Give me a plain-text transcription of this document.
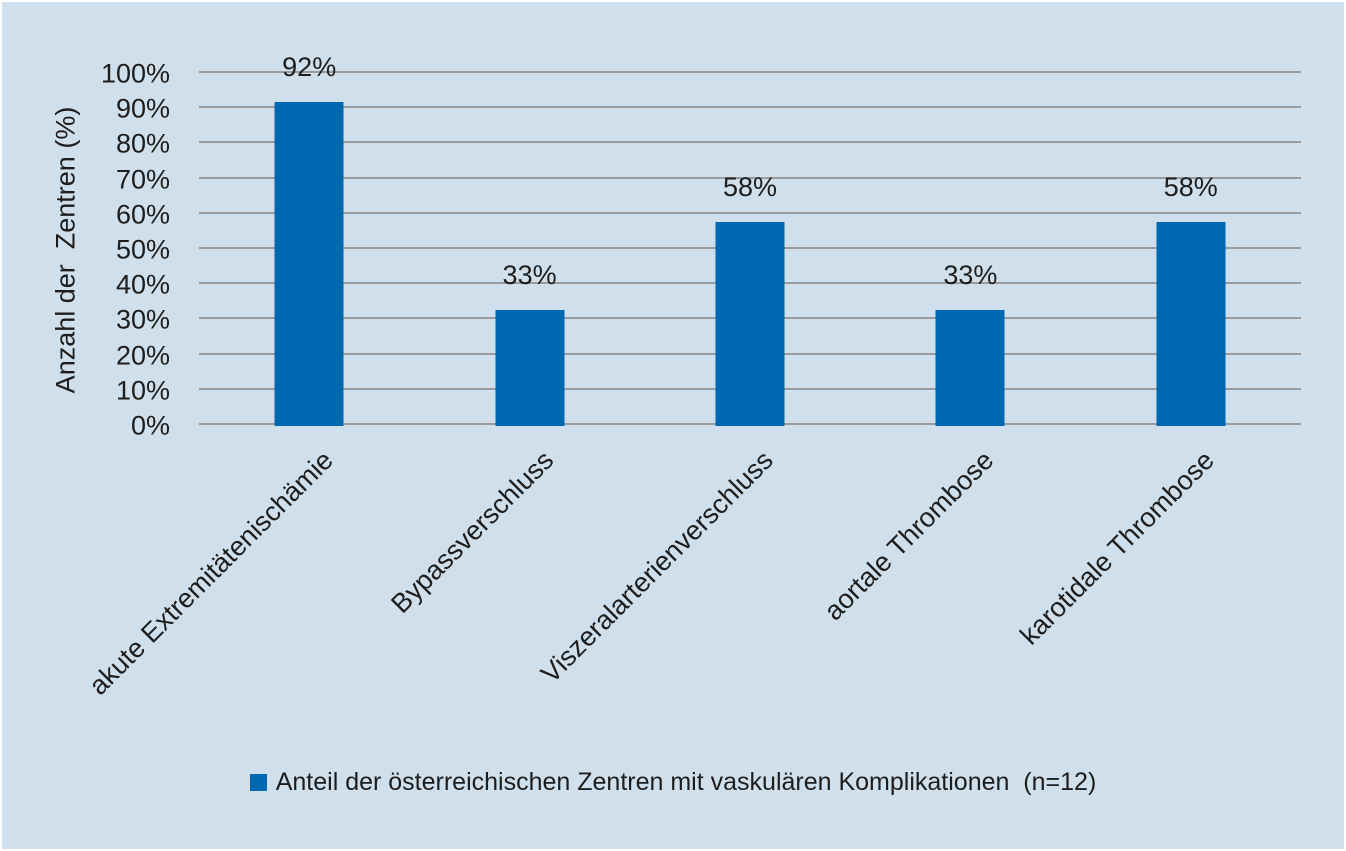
Anzahl der  Zentren (%)
0%
10%
20%
30%
40%
50%
60%
70%
80%
90%
100%	92%
33%
58%
33%
58%
akute Extremitätenischämie Bypassverschluss
Viszeralarterienverschluss aortale Thrombose karotidale Thrombose
Anteil der österreichischen Zentren mit vaskulären Komplikationen  (n=12)
